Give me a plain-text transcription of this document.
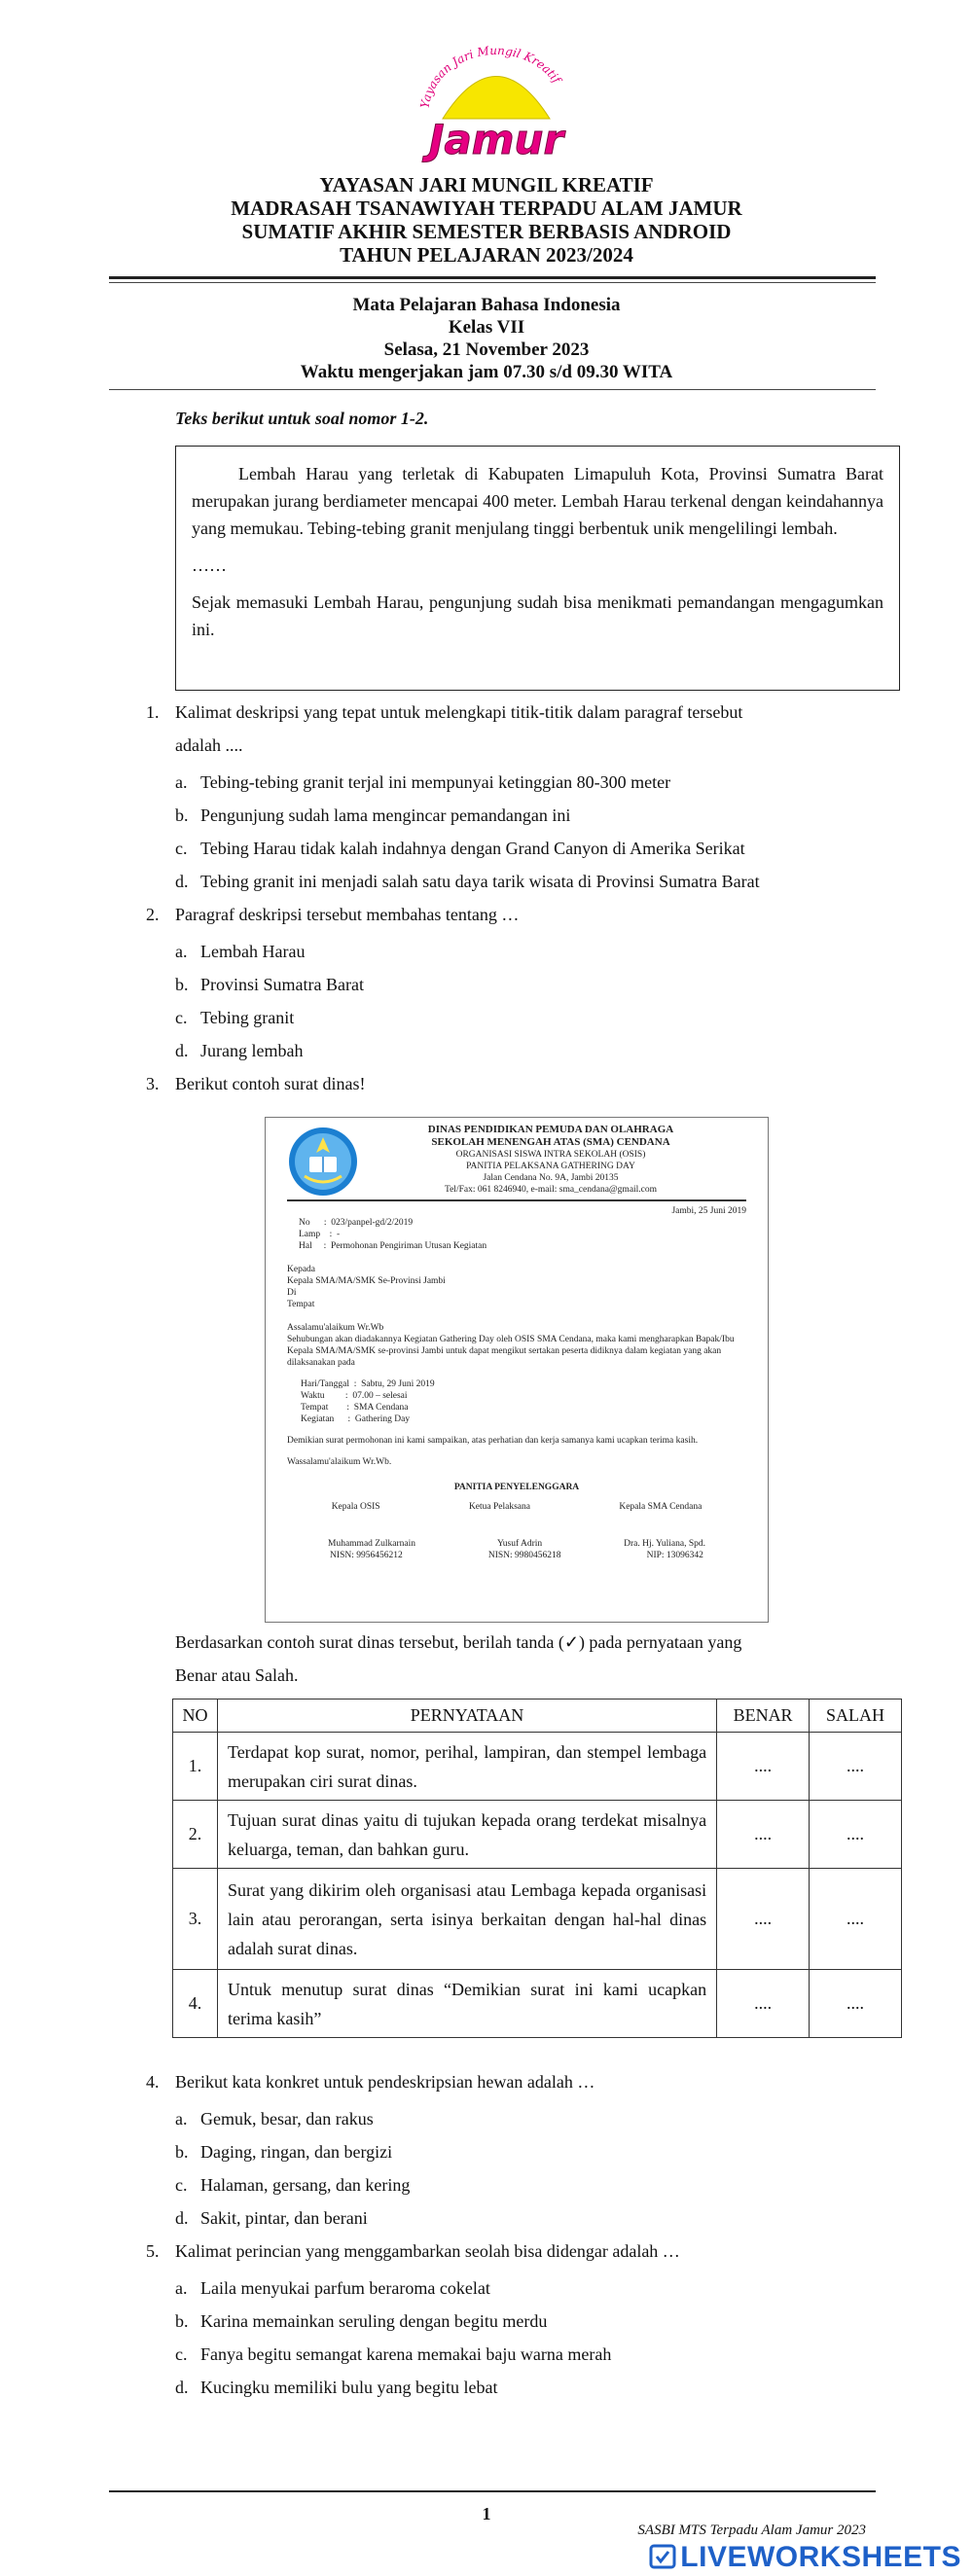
Yayasan Jari Mungil Kreatif
Jamur
YAYASAN JARI MUNGIL KREATIF
MADRASAH TSANAWIYAH TERPADU ALAM JAMUR
SUMATIF AKHIR SEMESTER BERBASIS ANDROID
TAHUN PELAJARAN 2023/2024
Mata Pelajaran Bahasa Indonesia
Kelas VII
Selasa, 21 November 2023
Waktu mengerjakan jam 07.30 s/d 09.30 WITA
Teks berikut untuk soal nomor 1-2.

Lembah Harau yang terletak di Kabupaten Limapuluh Kota, Provinsi Sumatra Barat merupakan jurang berdiameter mencapai 400 meter. Lembah Harau terkenal dengan keindahannya yang memukau. Tebing-tebing granit menjulang tinggi berbentuk unik mengelilingi lembah.

……

Sejak memasuki Lembah Harau, pengunjung sudah bisa menikmati pemandangan mengagumkan ini.

1. Kalimat deskripsi yang tepat untuk melengkapi titik-titik dalam paragraf tersebut
adalah ....
a. Tebing-tebing granit terjal ini mempunyai ketinggian 80-300 meter
b. Pengunjung sudah lama mengincar pemandangan ini
c. Tebing Harau tidak kalah indahnya dengan Grand Canyon di Amerika Serikat
d. Tebing granit ini menjadi salah satu daya tarik wisata di Provinsi Sumatra Barat
2. Paragraf deskripsi tersebut membahas tentang …
a. Lembah Harau
b. Provinsi Sumatra Barat
c. Tebing granit
d. Jurang lembah
3. Berikut contoh surat dinas!
DINAS PENDIDIKAN PEMUDA DAN OLAHRAGA
SEKOLAH MENENGAH ATAS (SMA) CENDANA
ORGANISASI SISWA INTRA SEKOLAH (OSIS)
PANITIA PELAKSANA GATHERING DAY
Jalan Cendana No. 9A, Jambi 20135
Tel/Fax: 061 8246940, e-mail: sma_cendana@gmail.com
Jambi, 25 Juni 2019
No      :  023/panpel-gd/2/2019
Lamp    :  -
Hal     :  Permohonan Pengiriman Utusan Kegiatan
Kepada
Kepala SMA/MA/SMK Se-Provinsi Jambi
Di
Tempat
Assalamu'alaikum Wr.Wb
Sehubungan akan diadakannya Kegiatan Gathering Day oleh OSIS SMA Cendana, maka kami mengharapkan Bapak/Ibu Kepala SMA/MA/SMK se-provinsi Jambi untuk dapat mengikut sertakan peserta didiknya dalam kegiatan yang akan dilaksanakan pada
Hari/Tanggal  :  Sabtu, 29 Juni 2019
Waktu         :  07.00 – selesai
Tempat        :  SMA Cendana
Kegiatan      :  Gathering Day
Demikian surat permohonan ini kami sampaikan, atas perhatian dan kerja samanya kami ucapkan terima kasih.
Wassalamu'alaikum Wr.Wb.
PANITIA PENYELENGGARA
Kepala OSIS	Ketua Pelaksana	Kepala SMA Cendana
Muhammad Zulkarnain	Yusuf Adrin	Dra. Hj. Yuliana, Spd.
NISN: 9956456212	NISN: 9980456218	NIP: 13096342
Berdasarkan contoh surat dinas tersebut, berilah tanda (✓) pada pernyataan yang
Benar atau Salah.
NO	PERNYATAAN	BENAR	SALAH
1.	Terdapat kop surat, nomor, perihal, lampiran, dan stempel lembaga merupakan ciri surat dinas.	....	....
2.	Tujuan surat dinas yaitu di tujukan kepada orang terdekat misalnya keluarga, teman, dan bahkan guru.	....	....
3.	Surat yang dikirim oleh organisasi atau Lembaga kepada organisasi lain atau perorangan, serta isinya berkaitan dengan hal-hal dinas adalah surat dinas.	....	....
4.	Untuk menutup surat dinas “Demikian surat ini kami ucapkan terima kasih”	....	....
4. Berikut kata konkret untuk pendeskripsian hewan adalah …
a. Gemuk, besar, dan rakus
b. Daging, ringan, dan bergizi
c. Halaman, gersang, dan kering
d. Sakit, pintar, dan berani
5. Kalimat perincian yang menggambarkan seolah bisa didengar adalah …
a. Laila menyukai parfum beraroma cokelat
b. Karina memainkan seruling dengan begitu merdu
c. Fanya begitu semangat karena memakai baju warna merah
d. Kucingku memiliki bulu yang begitu lebat
1
SASBI MTS Terpadu Alam Jamur 2023
LIVEWORKSHEETS
